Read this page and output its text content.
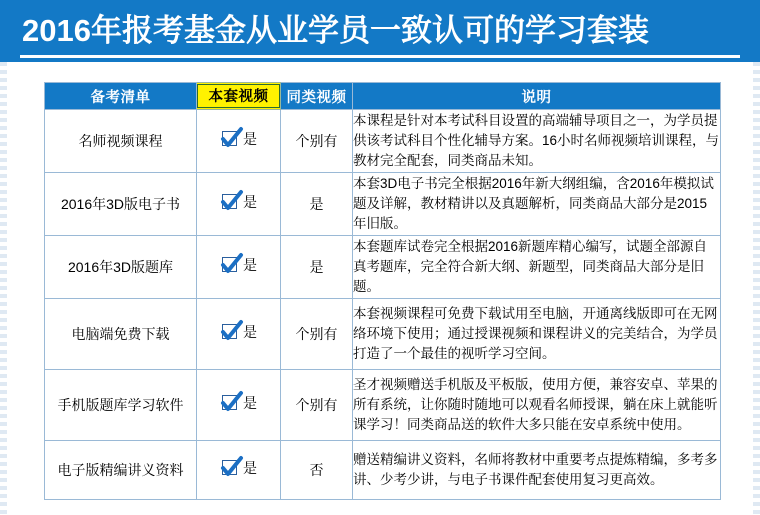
2016年报考基金从业学员一致认可的学习套装
备考清单	本套视频	同类视频	说明
名师视频课程	是	个别有	本课程是针对本考试科目设置的高端辅导项目之一，为学员提供该考试科目个性化辅导方案。16小时名师视频培训课程，与教材完全配套，同类商品未知。
2016年3D版电子书	是	是	本套3D电子书完全根据2016年新大纲组编，含2016年模拟试题及详解，教材精讲以及真题解析，同类商品大部分是2015年旧版。
2016年3D版题库	是	是	本套题库试卷完全根据2016新题库精心编写，试题全部源自真考题库，完全符合新大纲、新题型，同类商品大部分是旧题。
电脑端免费下载	是	个别有	本套视频课程可免费下载试用至电脑，开通离线版即可在无网络环境下使用；通过授课视频和课程讲义的完美结合，为学员打造了一个最佳的视听学习空间。
手机版题库学习软件	是	个别有	圣才视频赠送手机版及平板版，使用方便，兼容安卓、苹果的所有系统，让你随时随地可以观看名师授课，躺在床上就能听课学习！同类商品送的软件大多只能在安卓系统中使用。
电子版精编讲义资料	是	否	赠送精编讲义资料，名师将教材中重要考点提炼精编，多考多讲、少考少讲，与电子书课件配套使用复习更高效。
